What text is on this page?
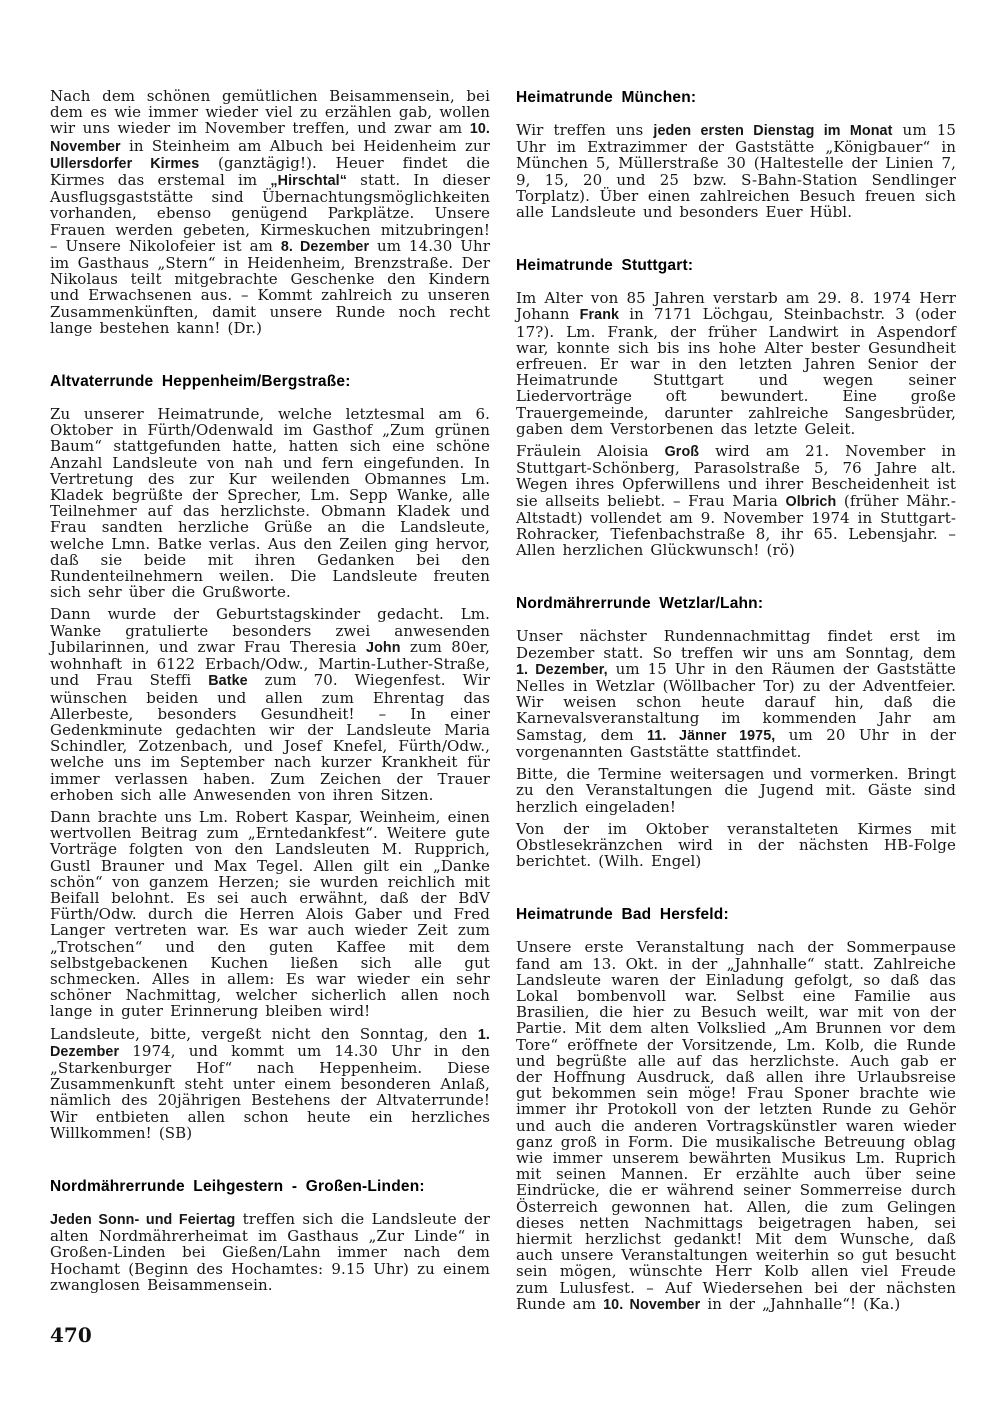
Nach dem schönen gemütlichen Beisammensein, bei dem es wie immer wieder viel zu erzählen gab, wollen wir uns wieder im November treffen, und zwar am 10. November in Steinheim am Albuch bei Heidenheim zur Ullersdorfer Kirmes (ganztägig!). Heuer findet die Kirmes das erstemal im „Hirschtal“ statt. In dieser Ausflugsgaststätte sind Übernachtungsmöglichkeiten vorhanden, ebenso genügend Parkplätze. Unsere Frauen werden gebeten, Kirmeskuchen mitzubringen! – Unsere Nikolofeier ist am 8. Dezember um 14.30 Uhr im Gasthaus „Stern“ in Heidenheim, Brenzstraße. Der Nikolaus teilt mitgebrachte Geschenke den Kindern und Erwachsenen aus. – Kommt zahlreich zu unseren Zusammenkünften, damit unsere Runde noch recht lange bestehen kann! (Dr.)

Altvaterrunde Heppenheim/Bergstraße:

Zu unserer Heimatrunde, welche letztesmal am 6. Oktober in Fürth/Odenwald im Gasthof „Zum grünen Baum“ stattgefunden hatte, hatten sich eine schöne Anzahl Landsleute von nah und fern eingefunden. In Vertretung des zur Kur weilenden Obmannes Lm. Kladek begrüßte der Sprecher, Lm. Sepp Wanke, alle Teilnehmer auf das herzlichste. Obmann Kladek und Frau sandten herzliche Grüße an die Landsleute, welche Lmn. Batke verlas. Aus den Zeilen ging hervor, daß sie beide mit ihren Gedanken bei den Rundenteilnehmern weilen. Die Landsleute freuten sich sehr über die Grußworte.

Dann wurde der Geburtstagskinder gedacht. Lm. Wanke gratulierte besonders zwei anwesenden Jubilarinnen, und zwar Frau Theresia John zum 80er, wohnhaft in 6122 Erbach/Odw., Martin-Luther-Straße, und Frau Steffi Batke zum 70. Wiegenfest. Wir wünschen beiden und allen zum Ehrentag das Allerbeste, besonders Gesundheit! – In einer Gedenkminute gedachten wir der Landsleute Maria Schindler, Zotzenbach, und Josef Knefel, Fürth/Odw., welche uns im September nach kurzer Krankheit für immer verlassen haben. Zum Zeichen der Trauer erhoben sich alle Anwesenden von ihren Sitzen.

Dann brachte uns Lm. Robert Kaspar, Weinheim, einen wertvollen Beitrag zum „Erntedankfest“. Weitere gute Vorträge folgten von den Landsleuten M. Rupprich, Gustl Brauner und Max Tegel. Allen gilt ein „Danke schön“ von ganzem Herzen; sie wurden reichlich mit Beifall belohnt. Es sei auch erwähnt, daß der BdV Fürth/Odw. durch die Herren Alois Gaber und Fred Langer vertreten war. Es war auch wieder Zeit zum „Trotschen“ und den guten Kaffee mit dem selbstgebackenen Kuchen ließen sich alle gut schmecken. Alles in allem: Es war wieder ein sehr schöner Nachmittag, welcher sicherlich allen noch lange in guter Erinnerung bleiben wird!

Landsleute, bitte, vergeßt nicht den Sonntag, den 1. Dezember 1974, und kommt um 14.30 Uhr in den „Starkenburger Hof“ nach Heppenheim. Diese Zusammenkunft steht unter einem besonderen Anlaß, nämlich des 20jährigen Bestehens der Altvaterrunde! Wir entbieten allen schon heute ein herzliches Willkommen! (SB)

Nordmährerrunde Leihgestern - Großen-Linden:

Jeden Sonn- und Feiertag treffen sich die Landsleute der alten Nordmährerheimat im Gasthaus „Zur Linde“ in Großen-Linden bei Gießen/Lahn immer nach dem Hochamt (Beginn des Hochamtes: 9.15 Uhr) zu einem zwanglosen Beisammensein.

470
Heimatrunde München:

Wir treffen uns jeden ersten Dienstag im Monat um 15 Uhr im Extrazimmer der Gaststätte „Königbauer“ in München 5, Müllerstraße 30 (Haltestelle der Linien 7, 9, 15, 20 und 25 bzw. S-Bahn-Station Sendlinger Torplatz). Über einen zahlreichen Besuch freuen sich alle Landsleute und besonders Euer Hübl.

Heimatrunde Stuttgart:

Im Alter von 85 Jahren verstarb am 29. 8. 1974 Herr Johann Frank in 7171 Löchgau, Steinbachstr. 3 (oder 17?). Lm. Frank, der früher Landwirt in Aspendorf war, konnte sich bis ins hohe Alter bester Gesundheit erfreuen. Er war in den letzten Jahren Senior der Heimatrunde Stuttgart und wegen seiner Liedervorträge oft bewundert. Eine große Trauergemeinde, darunter zahlreiche Sangesbrüder, gaben dem Verstorbenen das letzte Geleit.

Fräulein Aloisia Groß wird am 21. November in Stuttgart-Schönberg, Parasolstraße 5, 76 Jahre alt. Wegen ihres Opferwillens und ihrer Bescheidenheit ist sie allseits beliebt. – Frau Maria Olbrich (früher Mähr.-Altstadt) vollendet am 9. November 1974 in Stuttgart-Rohracker, Tiefenbachstraße 8, ihr 65. Lebensjahr. – Allen herzlichen Glückwunsch! (rö)

Nordmährerrunde Wetzlar/Lahn:

Unser nächster Rundennachmittag findet erst im Dezember statt. So treffen wir uns am Sonntag, dem 1. Dezember, um 15 Uhr in den Räumen der Gaststätte Nelles in Wetzlar (Wöllbacher Tor) zu der Adventfeier. Wir weisen schon heute darauf hin, daß die Karnevalsveranstaltung im kommenden Jahr am Samstag, dem 11. Jänner 1975, um 20 Uhr in der vorgenannten Gaststätte stattfindet.

Bitte, die Termine weitersagen und vormerken. Bringt zu den Veranstaltungen die Jugend mit. Gäste sind herzlich eingeladen!

Von der im Oktober veranstalteten Kirmes mit Obstlesekränzchen wird in der nächsten HB-Folge berichtet. (Wilh. Engel)

Heimatrunde Bad Hersfeld:

Unsere erste Veranstaltung nach der Sommerpause fand am 13. Okt. in der „Jahnhalle“ statt. Zahlreiche Landsleute waren der Einladung gefolgt, so daß das Lokal bombenvoll war. Selbst eine Familie aus Brasilien, die hier zu Besuch weilt, war mit von der Partie. Mit dem alten Volkslied „Am Brunnen vor dem Tore“ eröffnete der Vorsitzende, Lm. Kolb, die Runde und begrüßte alle auf das herzlichste. Auch gab er der Hoffnung Ausdruck, daß allen ihre Urlaubsreise gut bekommen sein möge! Frau Sponer brachte wie immer ihr Protokoll von der letzten Runde zu Gehör und auch die anderen Vortragskünstler waren wieder ganz groß in Form. Die musikalische Betreuung oblag wie immer unserem bewährten Musikus Lm. Ruprich mit seinen Mannen. Er erzählte auch über seine Eindrücke, die er während seiner Sommerreise durch Österreich gewonnen hat. Allen, die zum Gelingen dieses netten Nachmittags beigetragen haben, sei hiermit herzlichst gedankt! Mit dem Wunsche, daß auch unsere Veranstaltungen weiterhin so gut besucht sein mögen, wünschte Herr Kolb allen viel Freude zum Lulusfest. – Auf Wiedersehen bei der nächsten Runde am 10. November in der „Jahnhalle“! (Ka.)
